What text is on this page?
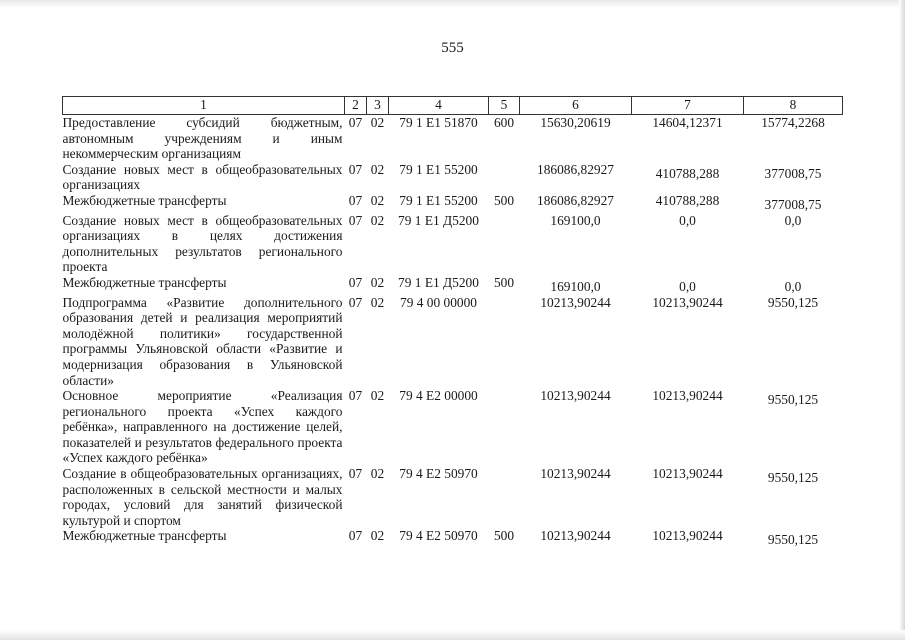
555
1	2	3	4	5	6	7	8
Предоставление субсидий бюджетным, автономным учреждениям и иным некоммерческим организациям	07	02	79 1 E1 51870	600	15630,20619	14604,12371	15774,2268
Создание новых мест в общеобразовательных организациях	07	02	79 1 E1 55200		186086,82927	410788,288	377008,75
Межбюджетные трансферты	07	02	79 1 E1 55200	500	186086,82927	410788,288	377008,75
Создание новых мест в общеобразовательных организациях в целях достижения дополнительных результатов регионального проекта	07	02	79 1 E1 Д5200		169100,0	0,0	0,0
Межбюджетные трансферты	07	02	79 1 E1 Д5200	500	169100,0	0,0	0,0
Подпрограмма «Развитие дополнительного образования детей и реализация мероприятий молодёжной политики» государственной программы Ульяновской области «Развитие и модернизация образования в Ульяновской области»	07	02	79 4 00 00000		10213,90244	10213,90244	9550,125
Основное мероприятие «Реализация регионального проекта «Успех каждого ребёнка», направленного на достижение целей, показателей и результатов федерального проекта «Успех каждого ребёнка»	07	02	79 4 E2 00000		10213,90244	10213,90244	9550,125
Создание в общеобразовательных организациях, расположенных в сельской местности и малых городах, условий для занятий физической культурой и спортом	07	02	79 4 E2 50970		10213,90244	10213,90244	9550,125
Межбюджетные трансферты	07	02	79 4 E2 50970	500	10213,90244	10213,90244	9550,125
